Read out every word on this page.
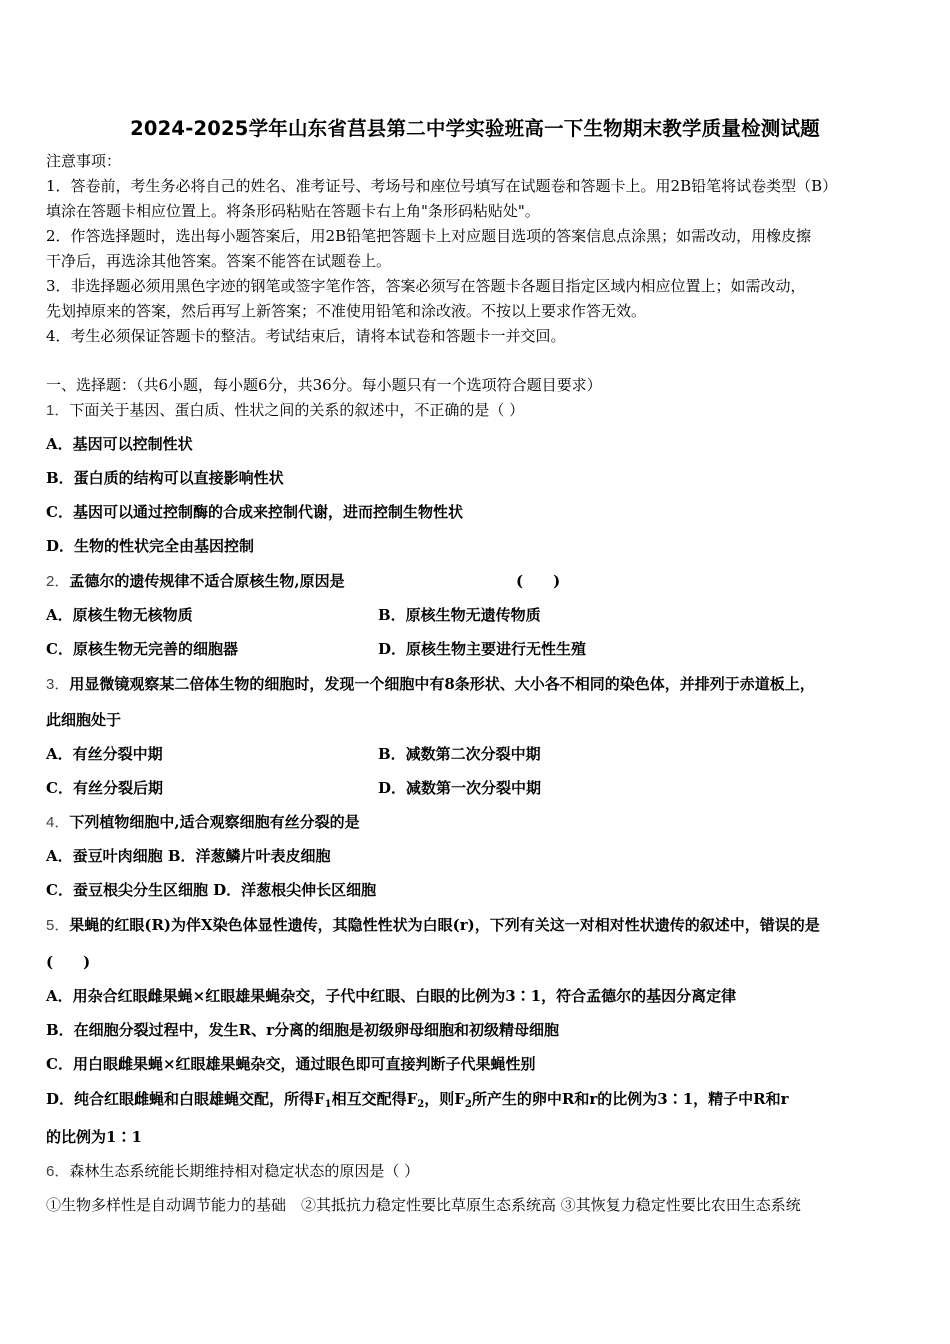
2024-2025学年山东省莒县第二中学实验班高一下生物期末教学质量检测试题
注意事项：
1．答卷前，考生务必将自己的姓名、准考证号、考场号和座位号填写在试题卷和答题卡上。用2B铅笔将试卷类型（B）
填涂在答题卡相应位置上。将条形码粘贴在答题卡右上角"条形码粘贴处"。
2．作答选择题时，选出每小题答案后，用2B铅笔把答题卡上对应题目选项的答案信息点涂黑；如需改动，用橡皮擦
干净后，再选涂其他答案。答案不能答在试题卷上。
3．非选择题必须用黑色字迹的钢笔或签字笔作答，答案必须写在答题卡各题目指定区域内相应位置上；如需改动，
先划掉原来的答案，然后再写上新答案；不准使用铅笔和涂改液。不按以上要求作答无效。
4．考生必须保证答题卡的整洁。考试结束后，请将本试卷和答题卡一并交回。
一、选择题：（共6小题，每小题6分，共36分。每小题只有一个选项符合题目要求）
1．下面关于基因、蛋白质、性状之间的关系的叙述中，不正确的是（ ）
A．基因可以控制性状
B．蛋白质的结构可以直接影响性状
C．基因可以通过控制酶的合成来控制代谢，进而控制生物性状
D．生物的性状完全由基因控制
2．孟德尔的遗传规律不适合原核生物,原因是	(　　)
A．原核生物无核物质	B．原核生物无遗传物质
C．原核生物无完善的细胞器	D．原核生物主要进行无性生殖
3．用显微镜观察某二倍体生物的细胞时，发现一个细胞中有8条形状、大小各不相同的染色体，并排列于赤道板上，
此细胞处于
A．有丝分裂中期	B．减数第二次分裂中期
C．有丝分裂后期	D．减数第一次分裂中期
4．下列植物细胞中,适合观察细胞有丝分裂的是
A．蚕豆叶肉细胞 B．洋葱鳞片叶表皮细胞
C．蚕豆根尖分生区细胞 D．洋葱根尖伸长区细胞
5．果蝇的红眼(R)为伴X染色体显性遗传，其隐性性状为白眼(r)，下列有关这一对相对性状遗传的叙述中，错误的是
(　　)
A．用杂合红眼雌果蝇×红眼雄果蝇杂交，子代中红眼、白眼的比例为3∶1，符合孟德尔的基因分离定律
B．在细胞分裂过程中，发生R、r分离的细胞是初级卵母细胞和初级精母细胞
C．用白眼雌果蝇×红眼雄果蝇杂交，通过眼色即可直接判断子代果蝇性别
D．纯合红眼雌蝇和白眼雄蝇交配，所得$F_1$相互交配得$F_2$，则$F_2$所产生的卵中R和r的比例为3∶1，精子中R和r
的比例为1∶1
6．森林生态系统能长期维持相对稳定状态的原因是（ ）
①生物多样性是自动调节能力的基础　②其抵抗力稳定性要比草原生态系统高 ③其恢复力稳定性要比农田生态系统
